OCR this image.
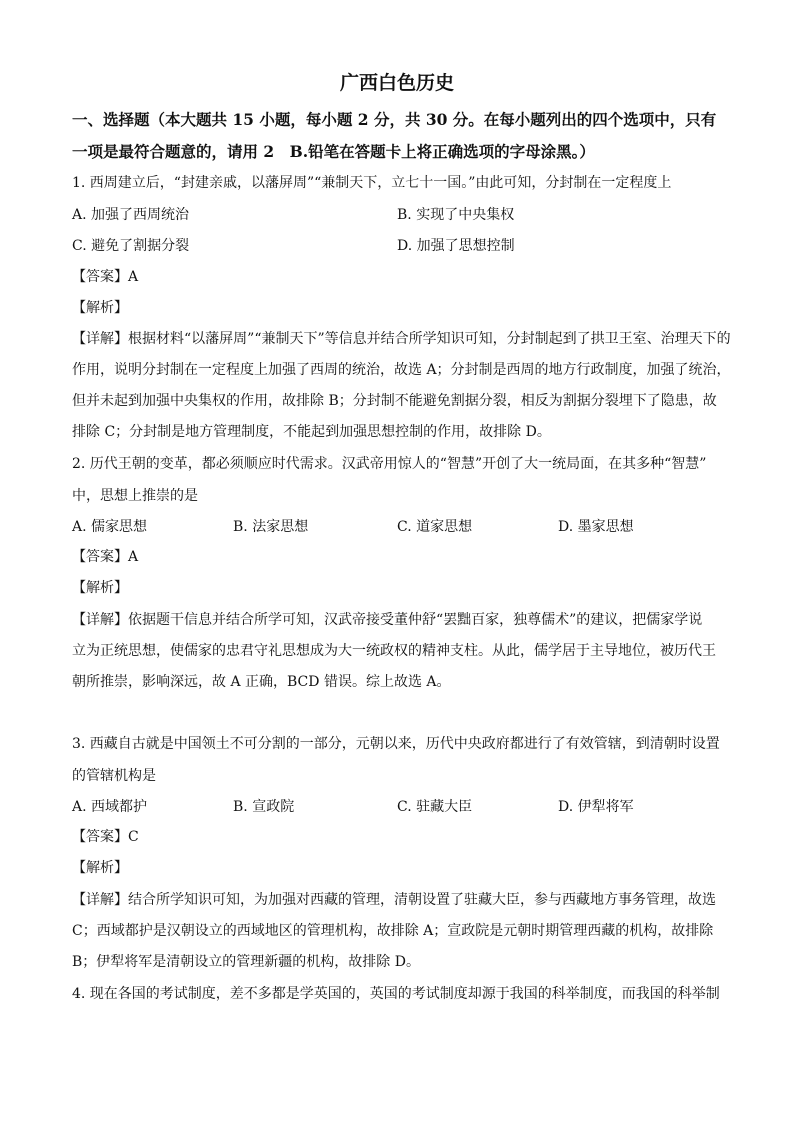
广西白色历史
一、选择题（本大题共 15 小题，每小题 2 分，共 30 分。在每小题列出的四个选项中，只有
一项是最符合题意的，请用 2　B.铅笔在答题卡上将正确选项的字母涂黑。）
1. 西周建立后，“封建亲戚，以藩屏周”“兼制天下，立七十一国。”由此可知，分封制在一定程度上
A. 加强了西周统治	B. 实现了中央集权
C. 避免了割据分裂	D. 加强了思想控制
【答案】A
【解析】
【详解】根据材料“以藩屏周”“兼制天下”等信息并结合所学知识可知，分封制起到了拱卫王室、治理天下的
作用，说明分封制在一定程度上加强了西周的统治，故选 A；分封制是西周的地方行政制度，加强了统治，
但并未起到加强中央集权的作用，故排除 B；分封制不能避免割据分裂，相反为割据分裂埋下了隐患，故
排除 C；分封制是地方管理制度，不能起到加强思想控制的作用，故排除 D。
2. 历代王朝的变革，都必须顺应时代需求。汉武帝用惊人的“智慧”开创了大一统局面，在其多种“智慧”
中，思想上推崇的是
A. 儒家思想	B. 法家思想	C. 道家思想	D. 墨家思想
【答案】A
【解析】
【详解】依据题干信息并结合所学可知，汉武帝接受董仲舒“罢黜百家，独尊儒术”的建议，把儒家学说
立为正统思想，使儒家的忠君守礼思想成为大一统政权的精神支柱。从此，儒学居于主导地位，被历代王
朝所推崇，影响深远，故 A 正确，BCD 错误。综上故选 A。
3. 西藏自古就是中国领土不可分割的一部分，元朝以来，历代中央政府都进行了有效管辖，到清朝时设置
的管辖机构是
A. 西域都护	B. 宣政院	C. 驻藏大臣	D. 伊犁将军
【答案】C
【解析】
【详解】结合所学知识可知，为加强对西藏的管理，清朝设置了驻藏大臣，参与西藏地方事务管理，故选
C；西域都护是汉朝设立的西域地区的管理机构，故排除 A；宣政院是元朝时期管理西藏的机构，故排除
B；伊犁将军是清朝设立的管理新疆的机构，故排除 D。
4. 现在各国的考试制度，差不多都是学英国的，英国的考试制度却源于我国的科举制度，而我国的科举制
